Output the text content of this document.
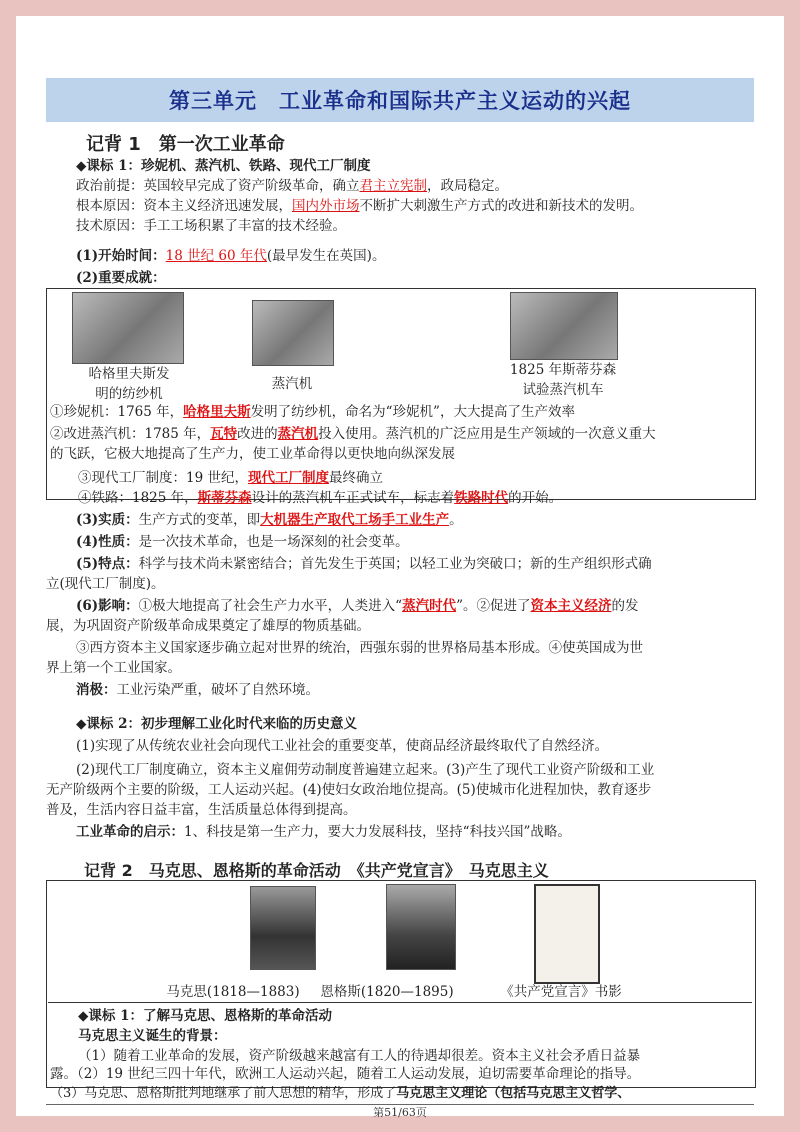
第三单元　工业革命和国际共产主义运动的兴起
记背 1　第一次工业革命
◆课标 1：珍妮机、蒸汽机、铁路、现代工厂制度
政治前提：英国较早完成了资产阶级革命，确立君主立宪制，政局稳定。
根本原因：资本主义经济迅速发展，国内外市场不断扩大刺激生产方式的改进和新技术的发明。
技术原因：手工工场积累了丰富的技术经验。
(1)开始时间：18 世纪 60 年代(最早发生在英国)。
(2)重要成就：
哈格里夫斯发
明的纺纱机
蒸汽机
1825 年斯蒂芬森
试验蒸汽机车
①珍妮机：1765 年，哈格里夫斯发明了纺纱机，命名为“珍妮机”，大大提高了生产效率
②改进蒸汽机：1785 年，瓦特改进的蒸汽机投入使用。蒸汽机的广泛应用是生产领域的一次意义重大
的飞跃，它极大地提高了生产力，使工业革命得以更快地向纵深发展
③现代工厂制度：19 世纪，现代工厂制度最终确立
④铁路：1825 年，斯蒂芬森设计的蒸汽机车正式试车，标志着铁路时代的开始。
(3)实质：生产方式的变革，即大机器生产取代工场手工业生产。
(4)性质：是一次技术革命，也是一场深刻的社会变革。
(5)特点：科学与技术尚未紧密结合；首先发生于英国；以轻工业为突破口；新的生产组织形式确
立(现代工厂制度)。
(6)影响：①极大地提高了社会生产力水平，人类进入“蒸汽时代”。②促进了资本主义经济的发
展，为巩固资产阶级革命成果奠定了雄厚的物质基础。
③西方资本主义国家逐步确立起对世界的统治，西强东弱的世界格局基本形成。④使英国成为世
界上第一个工业国家。
消极：工业污染严重，破坏了自然环境。
◆课标 2：初步理解工业化时代来临的历史意义
(1)实现了从传统农业社会向现代工业社会的重要变革，使商品经济最终取代了自然经济。
(2)现代工厂制度确立，资本主义雇佣劳动制度普遍建立起来。(3)产生了现代工业资产阶级和工业
无产阶级两个主要的阶级，工人运动兴起。(4)使妇女政治地位提高。(5)使城市化进程加快，教育逐步
普及，生活内容日益丰富，生活质量总体得到提高。
工业革命的启示：1、科技是第一生产力，要大力发展科技，坚持“科技兴国”战略。
记背 2　马克思、恩格斯的革命活动　《共产党宣言》　马克思主义
马克思(1818—1883)	恩格斯(1820—1895)	《共产党宣言》书影
◆课标 1：了解马克思、恩格斯的革命活动
马克思主义诞生的背景：
（1）随着工业革命的发展，资产阶级越来越富有工人的待遇却很差。资本主义社会矛盾日益暴
露。（2）19 世纪三四十年代，欧洲工人运动兴起，随着工人运动发展，迫切需要革命理论的指导。
（3）马克思、恩格斯批判地继承了前人思想的精华，形成了马克思主义理论（包括马克思主义哲学、
第51/63页
